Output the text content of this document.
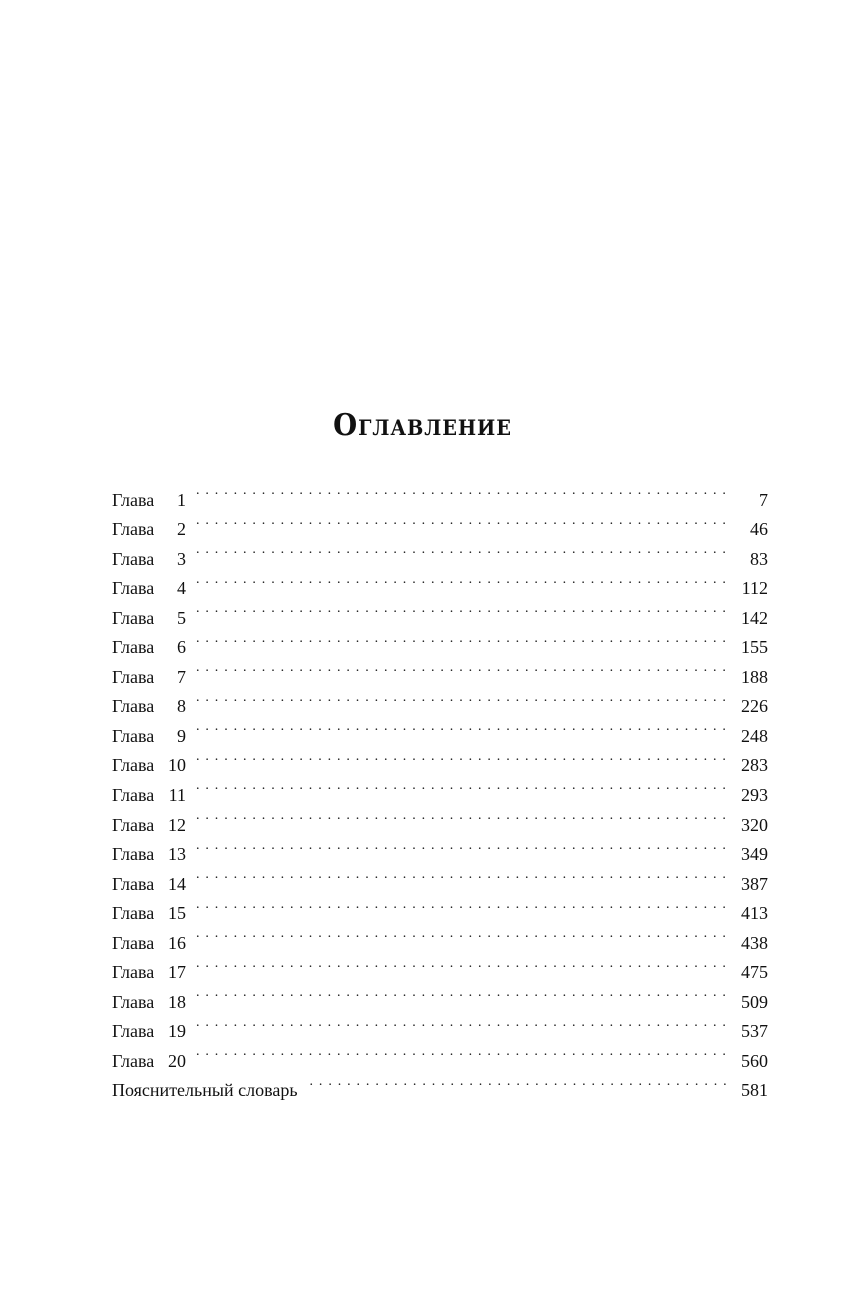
Оглавление
Глава	1 . . .	7
Глава	2 . . .	46
Глава	3 . . .	83
Глава	4 . . .	112
Глава	5 . . .	142
Глава	6 . . .	155
Глава	7 . . .	188
Глава	8 . . .	226
Глава	9 . . .	248
Глава 10 . . .	283
Глава 11 . . .	293
Глава 12 . . .	320
Глава 13 . . .	349
Глава 14 . . .	387
Глава 15 . . .	413
Глава 16 . . .	438
Глава 17 . . .	475
Глава 18 . . .	509
Глава 19 . . .	537
Глава 20 . . .	560
Пояснительный словарь . . .	581
